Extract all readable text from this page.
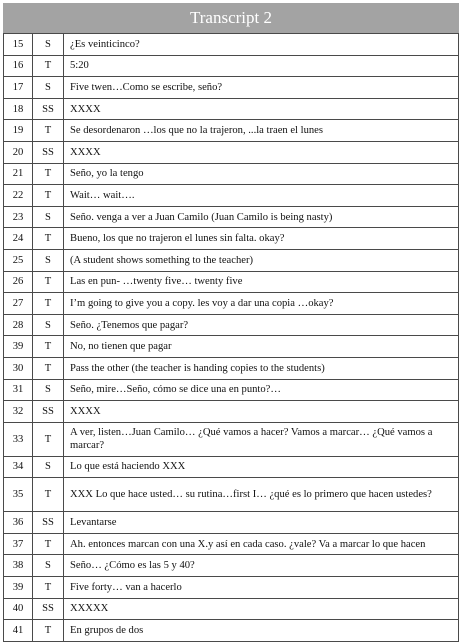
Transcript 2
15	S	¿Es veinticinco?
16	T	5:20
17	S	Five twen…Como se escribe, seño?
18	SS	XXXX
19	T	Se desordenaron …los que no la trajeron, ...la traen el lunes
20	SS	XXXX
21	T	Seño, yo la tengo
22	T	Wait… wait….
23	S	Seño. venga a ver a Juan Camilo (Juan Camilo is being nasty)
24	T	Bueno, los que no trajeron el lunes sin falta. okay?
25	S	(A student shows something to the teacher)
26	T	Las en pun- …twenty five… twenty five
27	T	I’m going to give you a copy. les voy a dar una copia …okay?
28	S	Seño. ¿Tenemos que pagar?
39	T	No, no tienen que pagar
30	T	Pass the other (the teacher is handing copies to the students)
31	S	Seño, mire…Seño, cómo se dice una en punto?…
32	SS	XXXX
33	T	A ver, listen…Juan Camilo… ¿Qué vamos a hacer? Vamos a marcar… ¿Qué vamos a marcar?
34	S	Lo que está haciendo XXX
35	T	XXX Lo que hace usted… su rutina…first I… ¿qué es lo primero que hacen ustedes?
36	SS	Levantarse
37	T	Ah. entonces marcan con una X.y así en cada caso. ¿vale? Va a marcar lo que hacen
38	S	Seño… ¿Cómo es las 5 y 40?
39	T	Five forty… van a hacerlo
40	SS	XXXXX
41	T	En grupos de dos
